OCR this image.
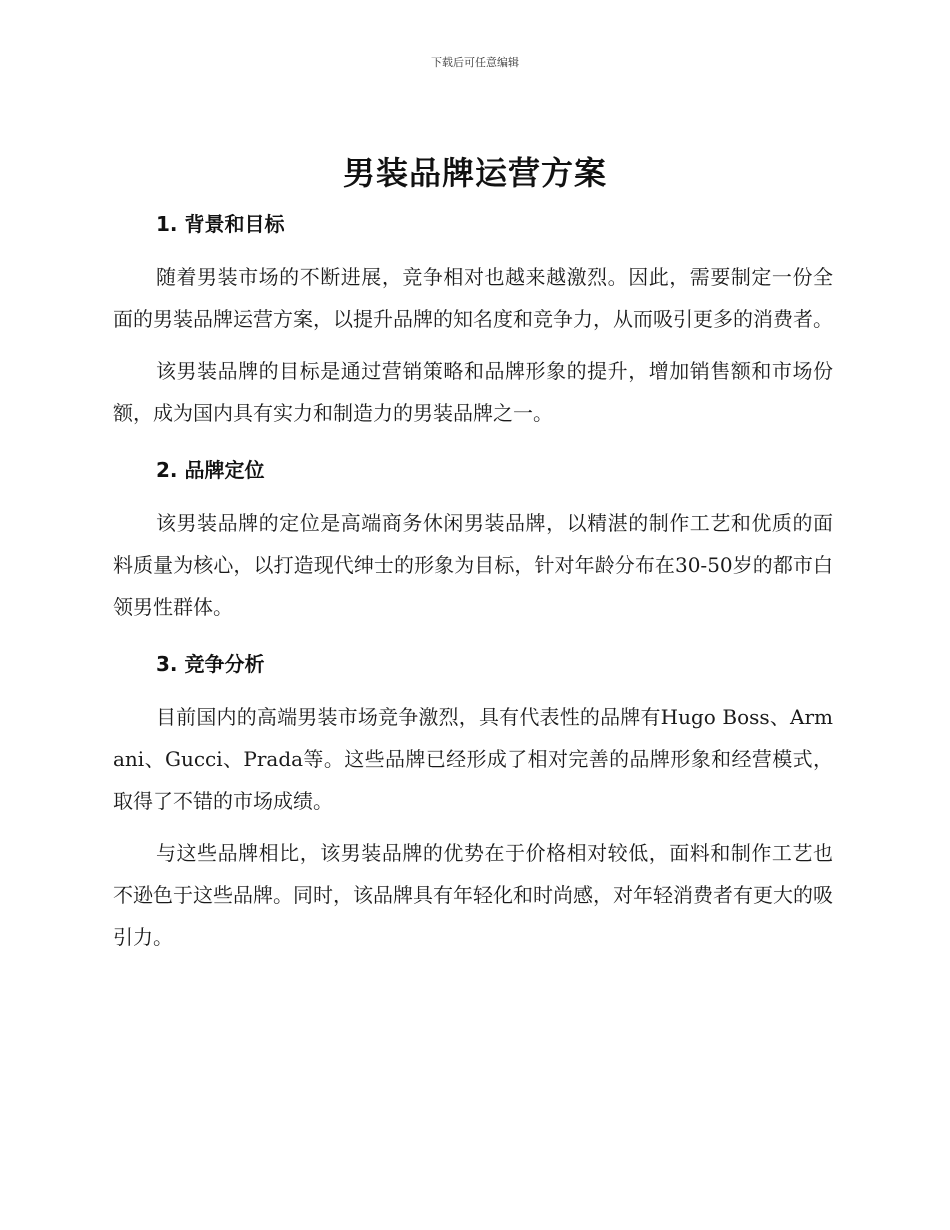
下载后可任意编辑
男装品牌运营方案
1. 背景和目标

随着男装市场的不断进展，竞争相对也越来越激烈。因此，需要制定一份全面的男装品牌运营方案，以提升品牌的知名度和竞争力，从而吸引更多的消费者。

该男装品牌的目标是通过营销策略和品牌形象的提升，增加销售额和市场份额，成为国内具有实力和制造力的男装品牌之一。

2. 品牌定位

该男装品牌的定位是高端商务休闲男装品牌，以精湛的制作工艺和优质的面料质量为核心，以打造现代绅士的形象为目标，针对年龄分布在30-50岁的都市白领男性群体。

3. 竞争分析

目前国内的高端男装市场竞争激烈，具有代表性的品牌有Hugo Boss、Armani、Gucci、Prada等。这些品牌已经形成了相对完善的品牌形象和经营模式，取得了不错的市场成绩。

与这些品牌相比，该男装品牌的优势在于价格相对较低，面料和制作工艺也不逊色于这些品牌。同时，该品牌具有年轻化和时尚感，对年轻消费者有更大的吸引力。
